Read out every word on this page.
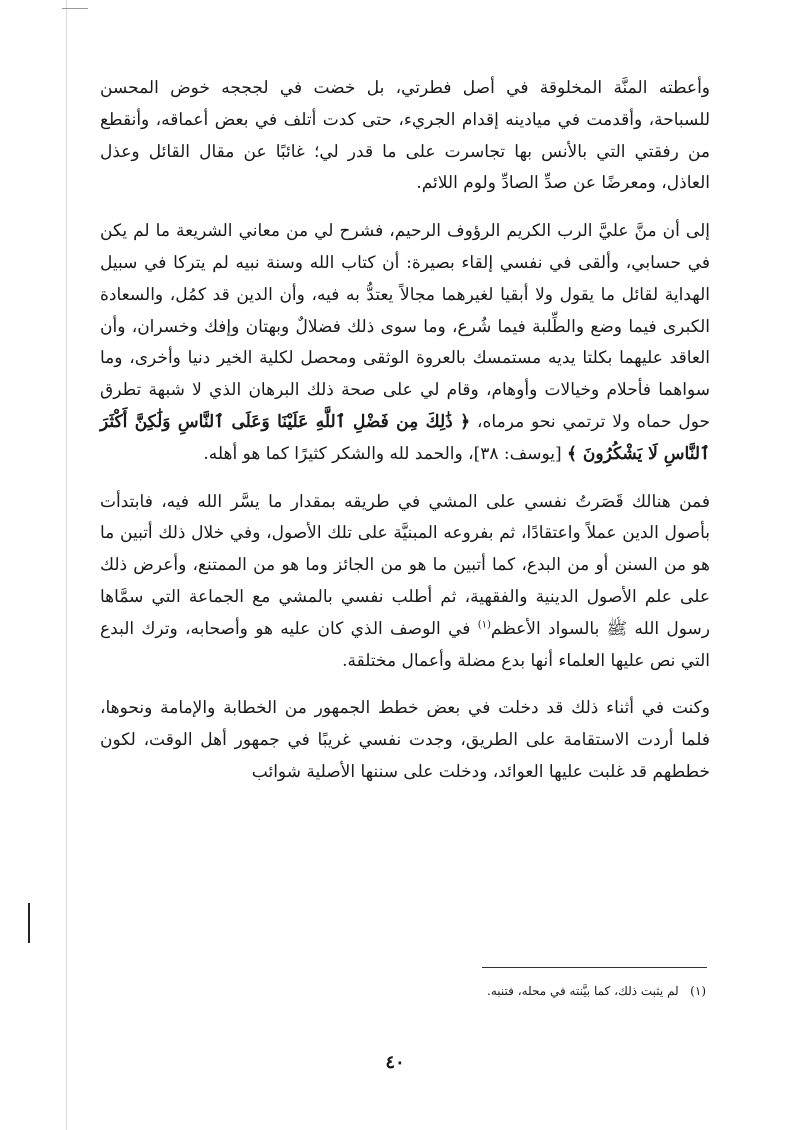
وأعطته المنَّة المخلوقة في أصل فطرتي، بل خضت في لجججه خوض المحسن للسباحة، وأقدمت في ميادينه إقدام الجريء، حتى كدت أتلف في بعض أعماقه، وأنقطع من رفقتي التي بالأنس بها تجاسرت على ما قدر لي؛ غائبًا عن مقال القائل وعذل العاذل، ومعرضًا عن صدِّ الصادِّ ولوم اللائم.

إلى أن منَّ عليَّ الرب الكريم الرؤوف الرحيم، فشرح لي من معاني الشريعة ما لم يكن في حسابي، وألقى في نفسي إلقاء بصيرة: أن كتاب الله وسنة نبيه لم يتركا في سبيل الهداية لقائل ما يقول ولا أبقيا لغيرهما مجالاً يعتدُّ به فيه، وأن الدين قد كمُل، والسعادة الكبرى فيما وضع والطِّلبة فيما شُرع، وما سوى ذلك فضلالٌ وبهتان وإفك وخسران، وأن العاقد عليهما بكلتا يديه مستمسك بالعروة الوثقى ومحصل لكلية الخير دنيا وأخرى، وما سواهما فأحلام وخيالات وأوهام، وقام لي على صحة ذلك البرهان الذي لا شبهة تطرق حول حماه ولا ترتمي نحو مرماه، ﴿ ذَٰلِكَ مِن فَضْلِ ٱللَّهِ عَلَيْنَا وَعَلَى ٱلنَّاسِ وَلَٰكِنَّ أَكْثَرَ ٱلنَّاسِ لَا يَشْكُرُونَ ﴾ [يوسف: ٣٨]، والحمد لله والشكر كثيرًا كما هو أهله.

فمن هنالك قَصَرتُ نفسي على المشي في طريقه بمقدار ما يسَّر الله فيه، فابتدأت بأصول الدين عملاً واعتقادًا، ثم بفروعه المبنيَّة على تلك الأصول، وفي خلال ذلك أتبين ما هو من السنن أو من البدع، كما أتبين ما هو من الجائز وما هو من الممتنع، وأعرض ذلك على علم الأصول الدينية والفقهية، ثم أطلب نفسي بالمشي مع الجماعة التي سمَّاها رسول الله ﷺ بالسواد الأعظم$^{(١)}$ في الوصف الذي كان عليه هو وأصحابه، وترك البدع التي نص عليها العلماء أنها بدع مضلة وأعمال مختلقة.

وكنت في أثناء ذلك قد دخلت في بعض خطط الجمهور من الخطابة والإمامة ونحوها، فلما أردت الاستقامة على الطريق، وجدت نفسي غريبًا في جمهور أهل الوقت، لكون خططهم قد غلبت عليها العوائد، ودخلت على سننها الأصلية شوائب

(١)   لم يثبت ذلك، كما بيَّنته في محله، فتنبه.
٤٠
